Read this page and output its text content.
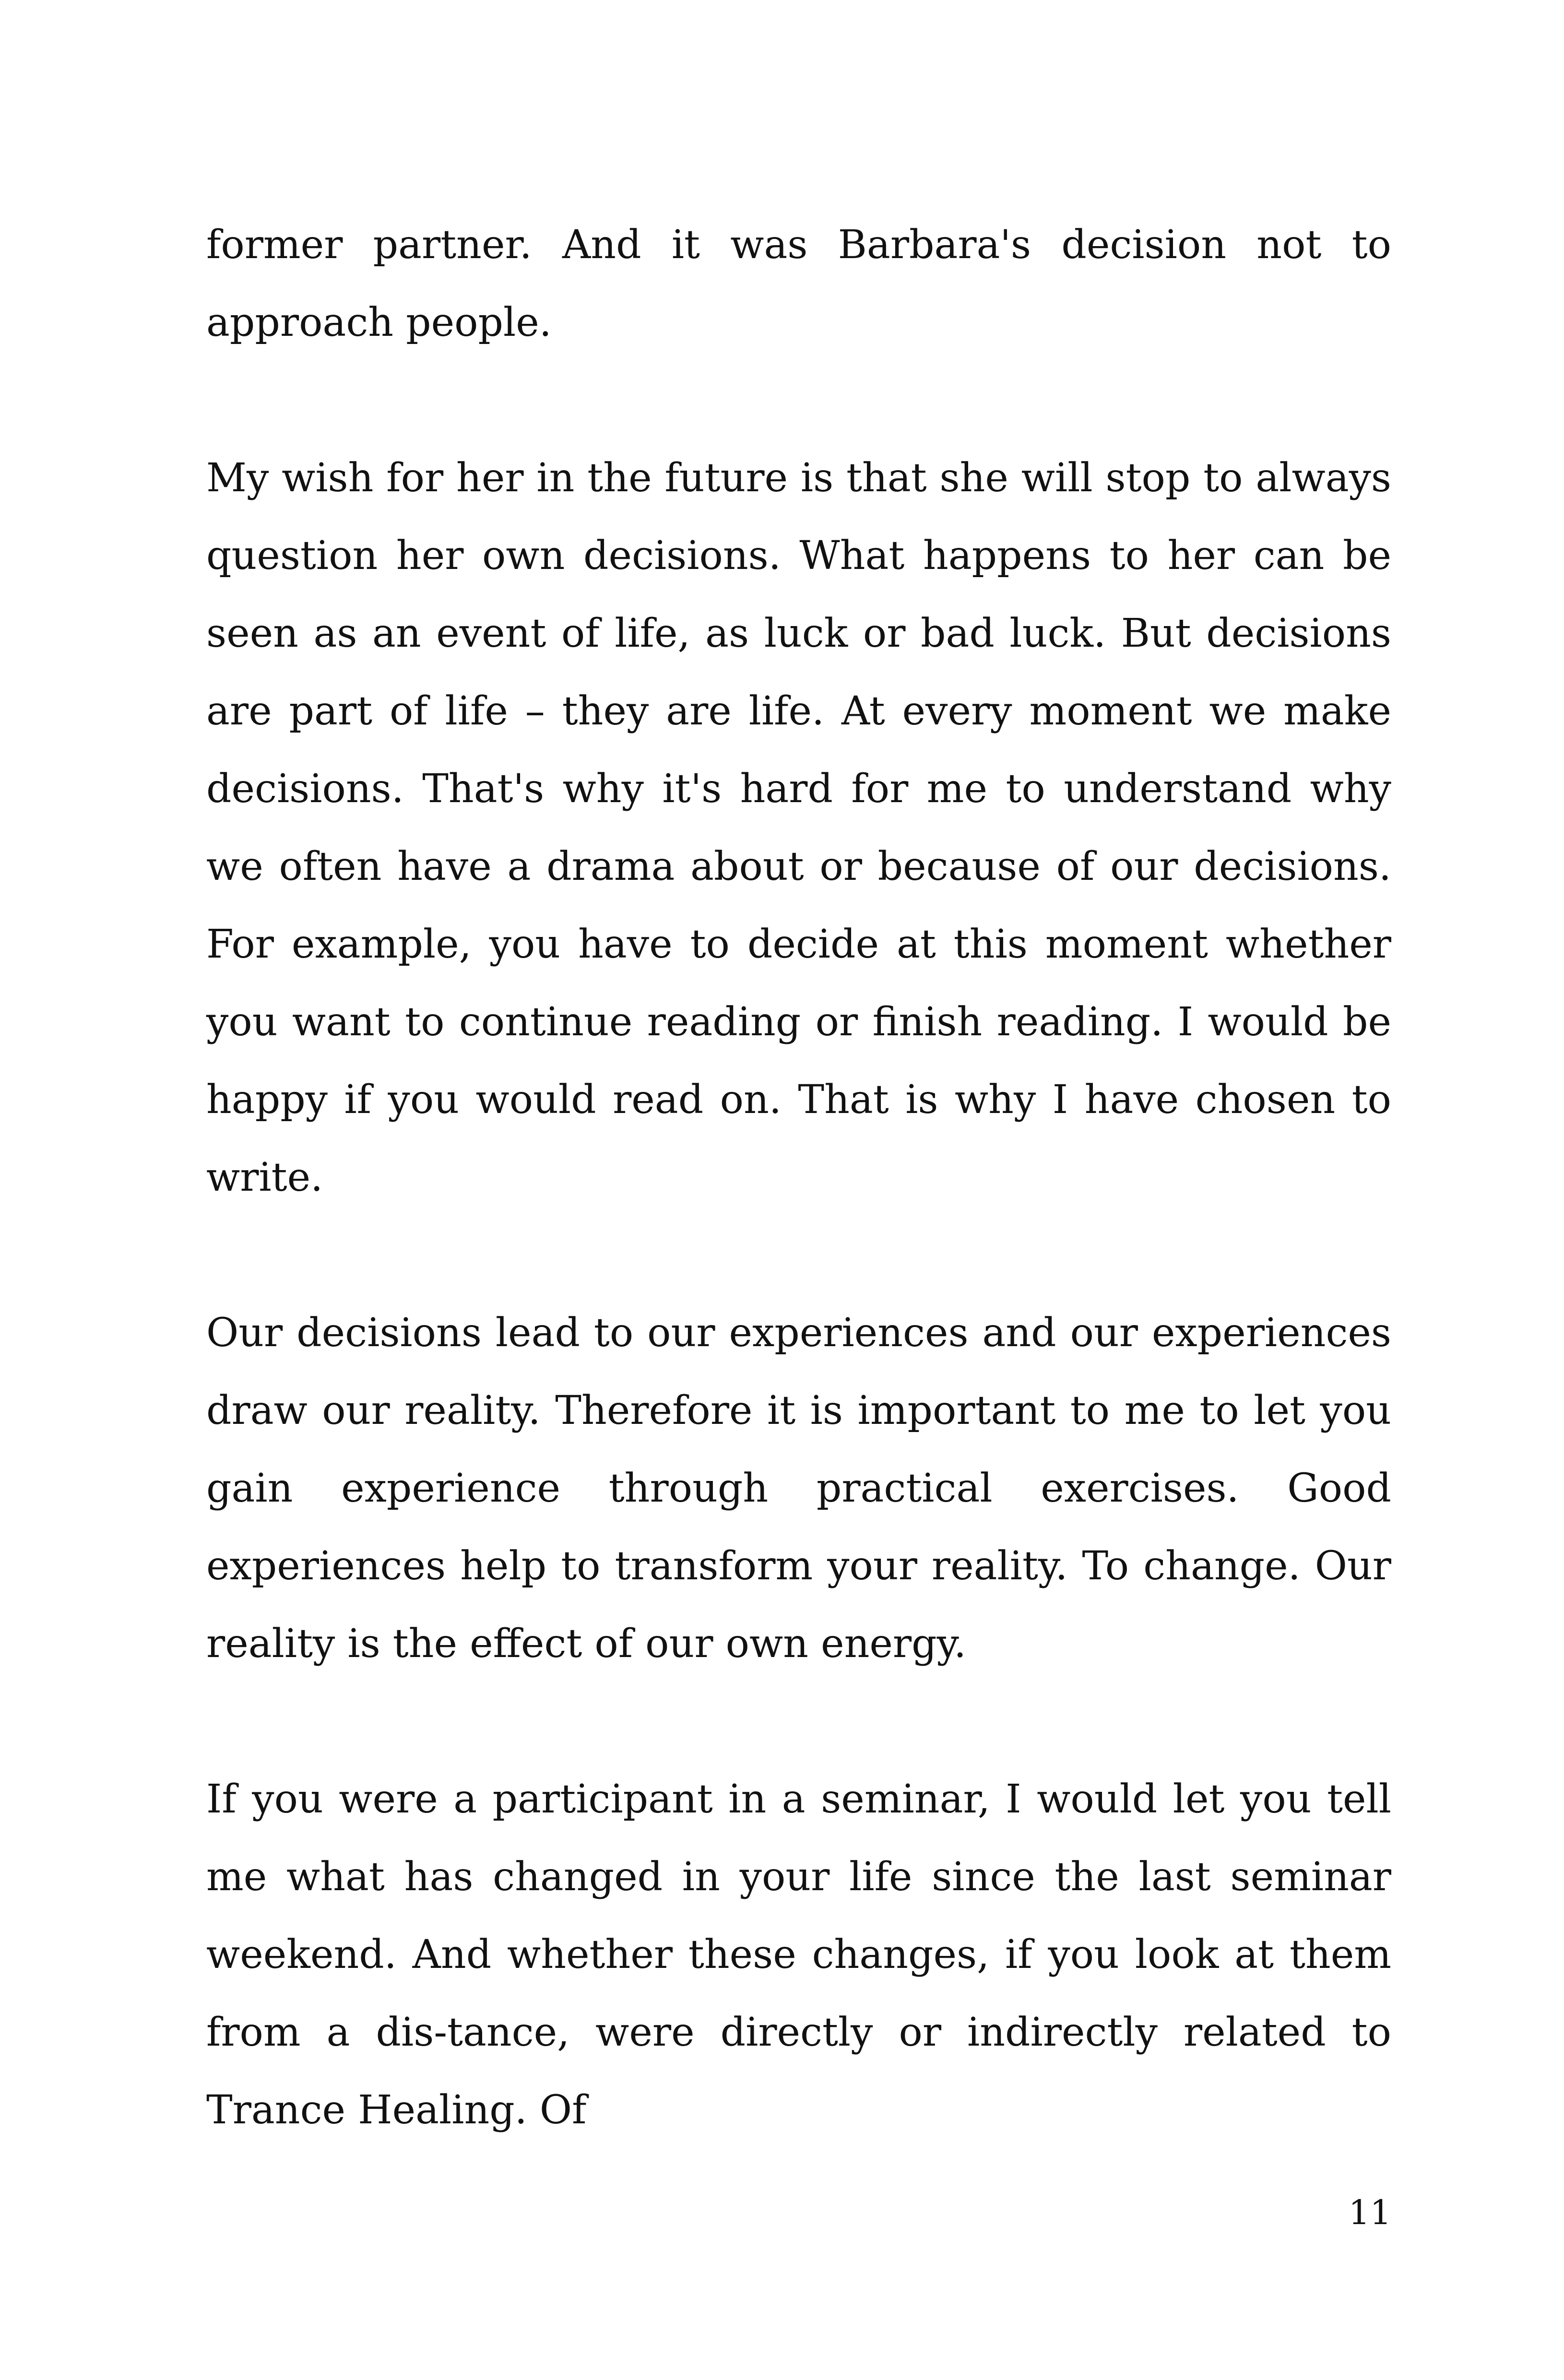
former partner. And it was Barbara's decision not to approach people.

My wish for her in the future is that she will stop to always question her own decisions. What happens to her can be seen as an event of life, as luck or bad luck. But decisions are part of life – they are life. At every moment we make decisions. That's why it's hard for me to understand why we often have a drama about or because of our decisions. For example, you have to decide at this moment whether you want to continue reading or finish reading. I would be happy if you would read on. That is why I have chosen to write.

Our decisions lead to our experiences and our experiences draw our reality. Therefore it is important to me to let you gain experience through practical exercises. Good experiences help to transform your reality. To change. Our reality is the effect of our own energy.

If you were a participant in a seminar, I would let you tell me what has changed in your life since the last seminar weekend. And whether these changes, if you look at them from a dis-tance, were directly or indirectly related to Trance Healing. Of

11
